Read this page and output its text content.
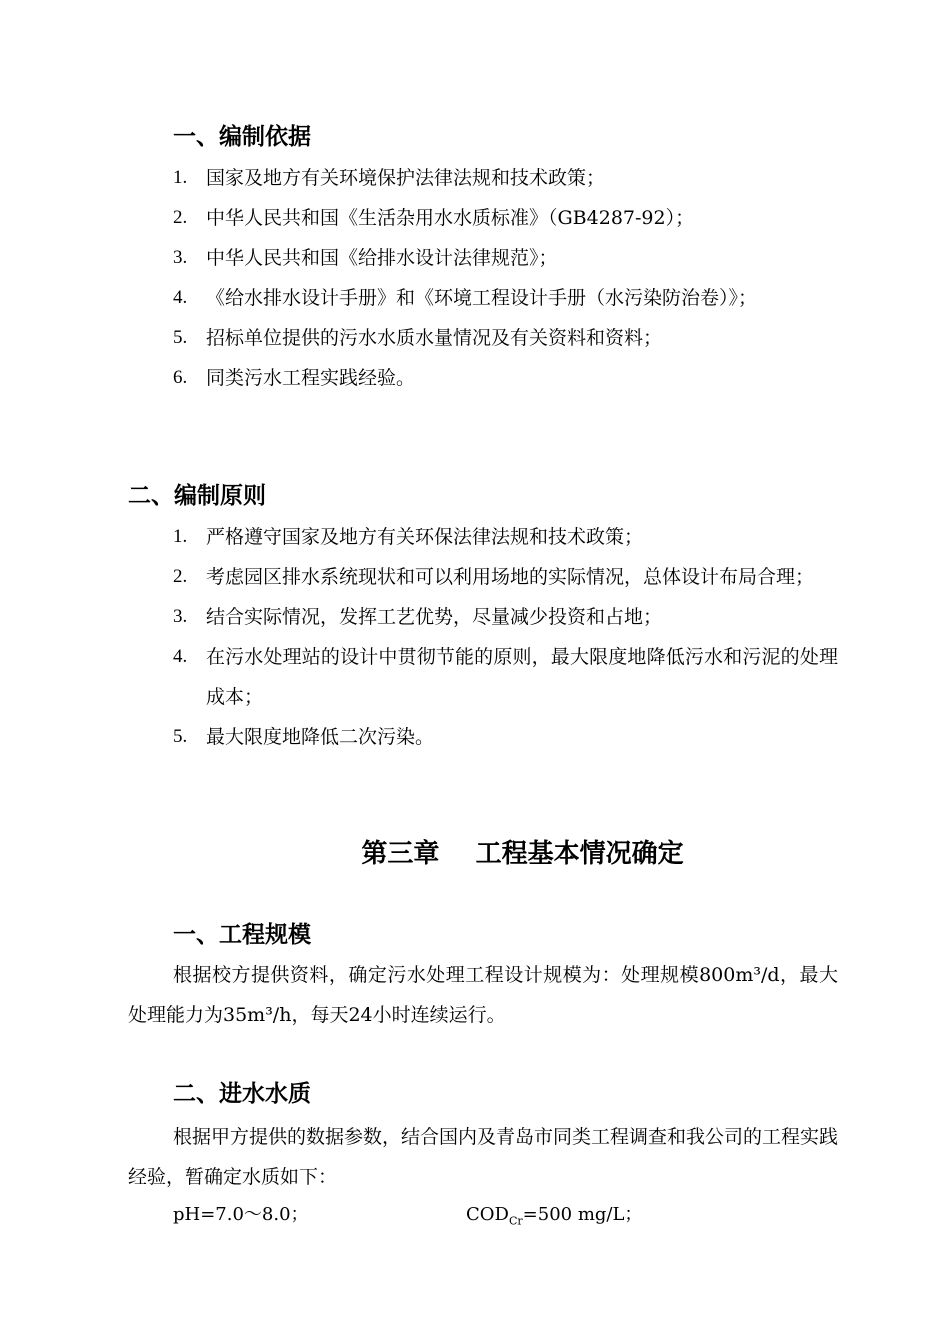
一、编制依据
1. 国家及地方有关环境保护法律法规和技术政策；
2. 中华人民共和国《生活杂用水水质标准》（GB4287-92）；
3. 中华人民共和国《给排水设计法律规范》；
4. 《给水排水设计手册》和《环境工程设计手册（水污染防治卷）》；
5. 招标单位提供的污水水质水量情况及有关资料和资料；
6. 同类污水工程实践经验。
二、编制原则
1. 严格遵守国家及地方有关环保法律法规和技术政策；
2. 考虑园区排水系统现状和可以利用场地的实际情况，总体设计布局合理；
3. 结合实际情况，发挥工艺优势，尽量减少投资和占地；
4. 在污水处理站的设计中贯彻节能的原则，最大限度地降低污水和污泥的处理成本；
5. 最大限度地降低二次污染。
第三章    工程基本情况确定
一、工程规模

根据校方提供资料，确定污水处理工程设计规模为：处理规模800m³/d，最大处理能力为35m³/h，每天24小时连续运行。

二、进水水质

根据甲方提供的数据参数，结合国内及青岛市同类工程调查和我公司的工程实践经验，暂确定水质如下：

pH=7.0～8.0；	$COD_{Cr}=500$ mg/L；
